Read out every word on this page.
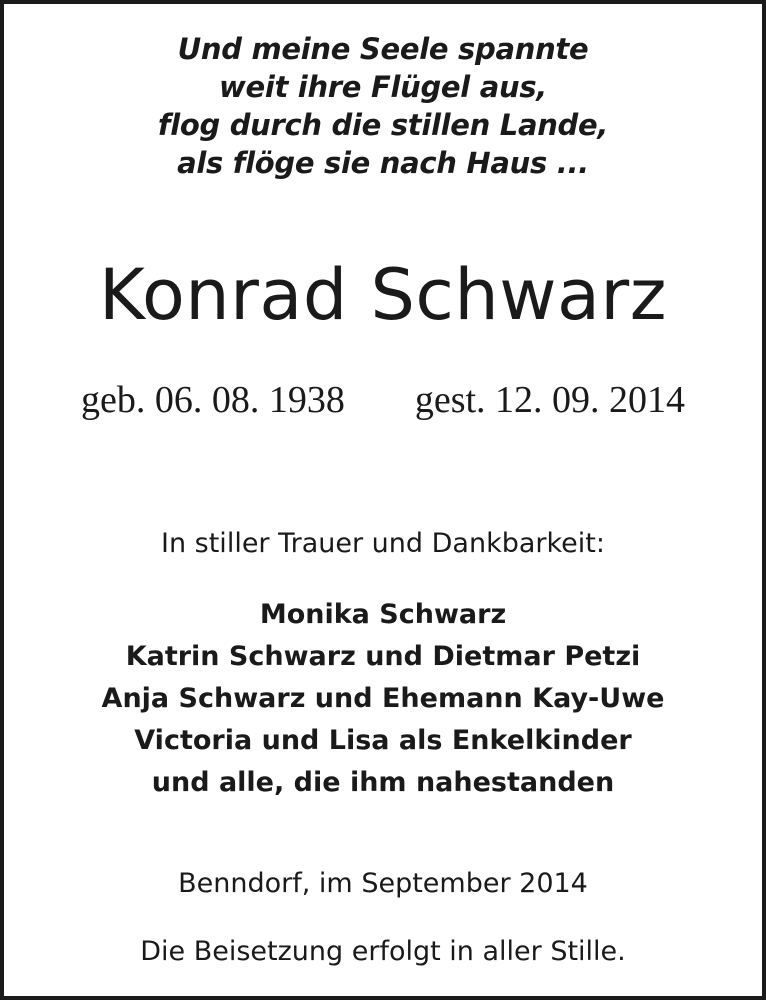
Und meine Seele spannte
weit ihre Flügel aus,
flog durch die stillen Lande,
als flöge sie nach Haus ...
Konrad Schwarz
geb. 06. 08. 1938 gest. 12. 09. 2014
In stiller Trauer und Dankbarkeit:
Monika Schwarz
Katrin Schwarz und Dietmar Petzi
Anja Schwarz und Ehemann Kay-Uwe
Victoria und Lisa als Enkelkinder
und alle, die ihm nahestanden
Benndorf, im September 2014
Die Beisetzung erfolgt in aller Stille.
